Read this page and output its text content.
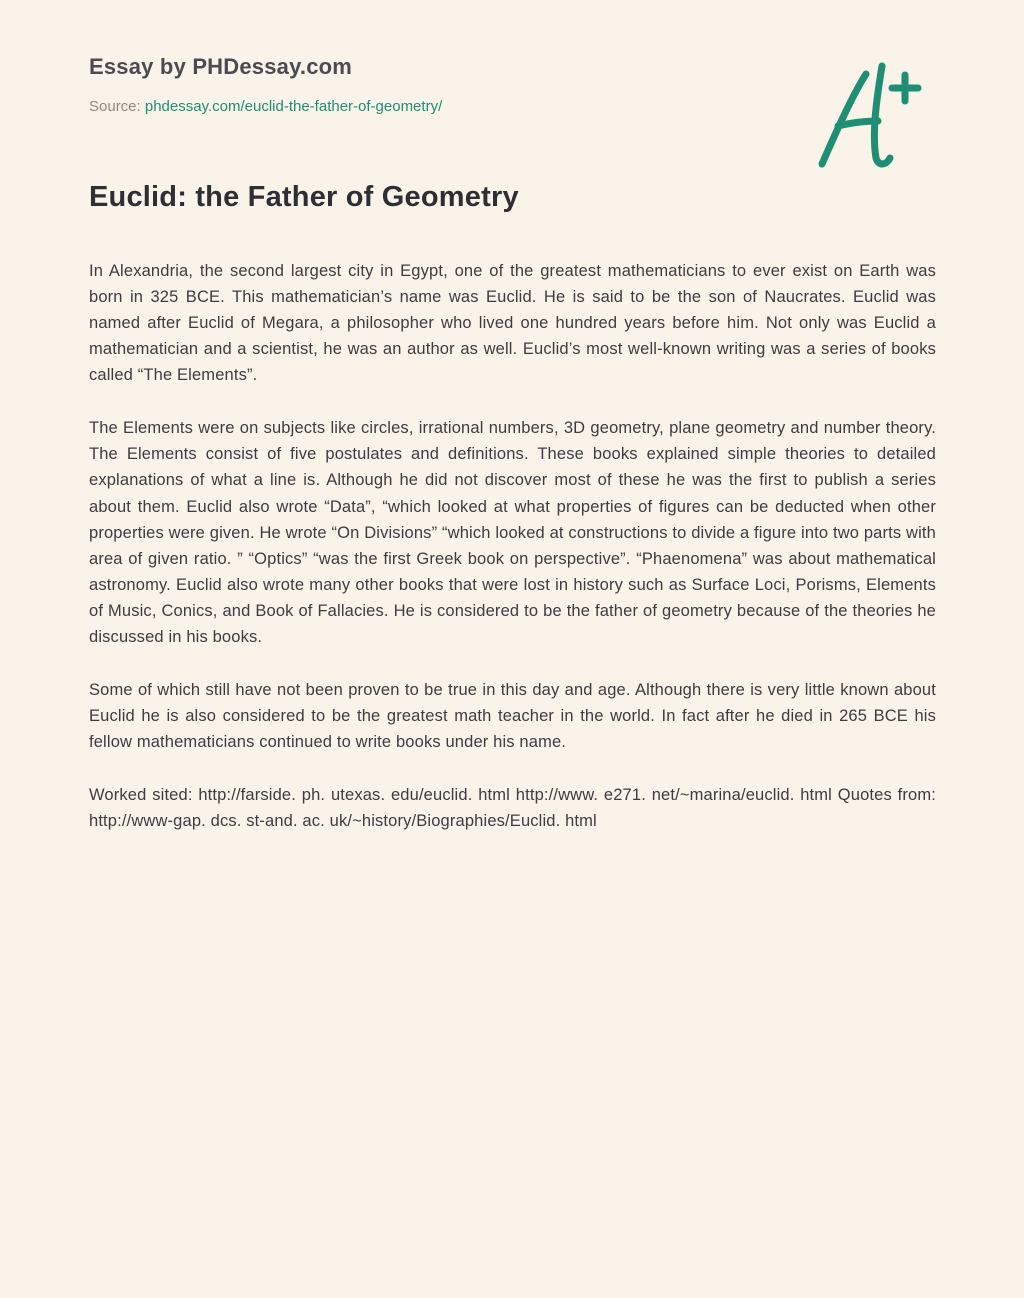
Essay by PHDessay.com
Source: phdessay.com/euclid-the-father-of-geometry/
Euclid: the Father of Geometry

In Alexandria, the second largest city in Egypt, one of the greatest mathematicians to ever exist on Earth was born in 325 BCE. This mathematician’s name was Euclid. He is said to be the son of Naucrates. Euclid was named after Euclid of Megara, a philosopher who lived one hundred years before him. Not only was Euclid a mathematician and a scientist, he was an author as well. Euclid’s most well-known writing was a series of books called “The Elements”.

The Elements were on subjects like circles, irrational numbers, 3D geometry, plane geometry and number theory. The Elements consist of five postulates and definitions. These books explained simple theories to detailed explanations of what a line is. Although he did not discover most of these he was the first to publish a series about them. Euclid also wrote “Data”, “which looked at what properties of figures can be deducted when other properties were given. He wrote “On Divisions” “which looked at constructions to divide a figure into two parts with area of given ratio. ” “Optics” “was the first Greek book on perspective”. “Phaenomena” was about mathematical astronomy. Euclid also wrote many other books that were lost in history such as Surface Loci, Porisms, Elements of Music, Conics, and Book of Fallacies. He is considered to be the father of geometry because of the theories he discussed in his books.

Some of which still have not been proven to be true in this day and age. Although there is very little known about Euclid he is also considered to be the greatest math teacher in the world. In fact after he died in 265 BCE his fellow mathematicians continued to write books under his name.

Worked sited: http://farside. ph. utexas. edu/euclid. html http://www. e271. net/~marina/euclid. html Quotes from: http://www-gap. dcs. st-and. ac. uk/~history/Biographies/Euclid. html
